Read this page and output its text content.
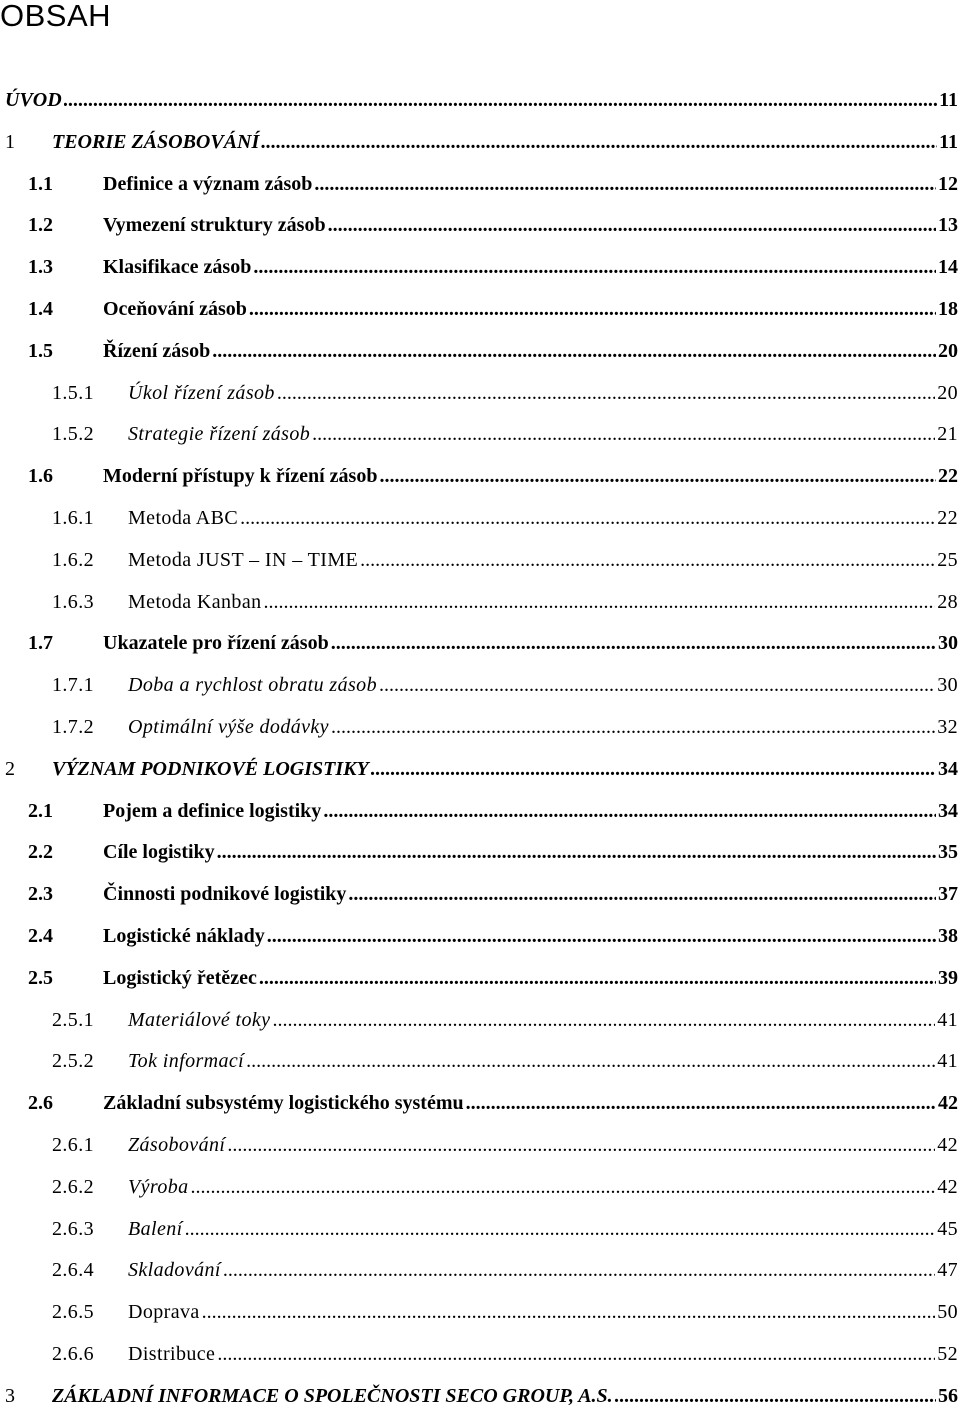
OBSAH
ÚVOD .....	11
1	TEORIE ZÁSOBOVÁNÍ .....	11
1.1	Definice a význam zásob .....	12
1.2	Vymezení struktury zásob .....	13
1.3	Klasifikace zásob .....	14
1.4	Oceňování zásob .....	18
1.5	Řízení zásob .....	20
1.5.1	Úkol řízení zásob .....	20
1.5.2	Strategie řízení zásob .....	21
1.6	Moderní přístupy k řízení zásob .....	22
1.6.1	Metoda ABC .....	22
1.6.2	Metoda JUST – IN – TIME .....	25
1.6.3	Metoda Kanban .....	28
1.7	Ukazatele pro řízení zásob .....	30
1.7.1	Doba a rychlost obratu zásob .....	30
1.7.2	Optimální výše dodávky .....	32
2	VÝZNAM PODNIKOVÉ LOGISTIKY .....	34
2.1	Pojem a definice logistiky .....	34
2.2	Cíle logistiky .....	35
2.3	Činnosti podnikové logistiky .....	37
2.4	Logistické náklady .....	38
2.5	Logistický řetězec .....	39
2.5.1	Materiálové toky .....	41
2.5.2	Tok informací .....	41
2.6	Základní subsystémy logistického systému .....	42
2.6.1	Zásobování .....	42
2.6.2	Výroba .....	42
2.6.3	Balení .....	45
2.6.4	Skladování .....	47
2.6.5	Doprava .....	50
2.6.6	Distribuce .....	52
3	ZÁKLADNÍ INFORMACE O SPOLEČNOSTI SECO GROUP, A.S. .....	56
